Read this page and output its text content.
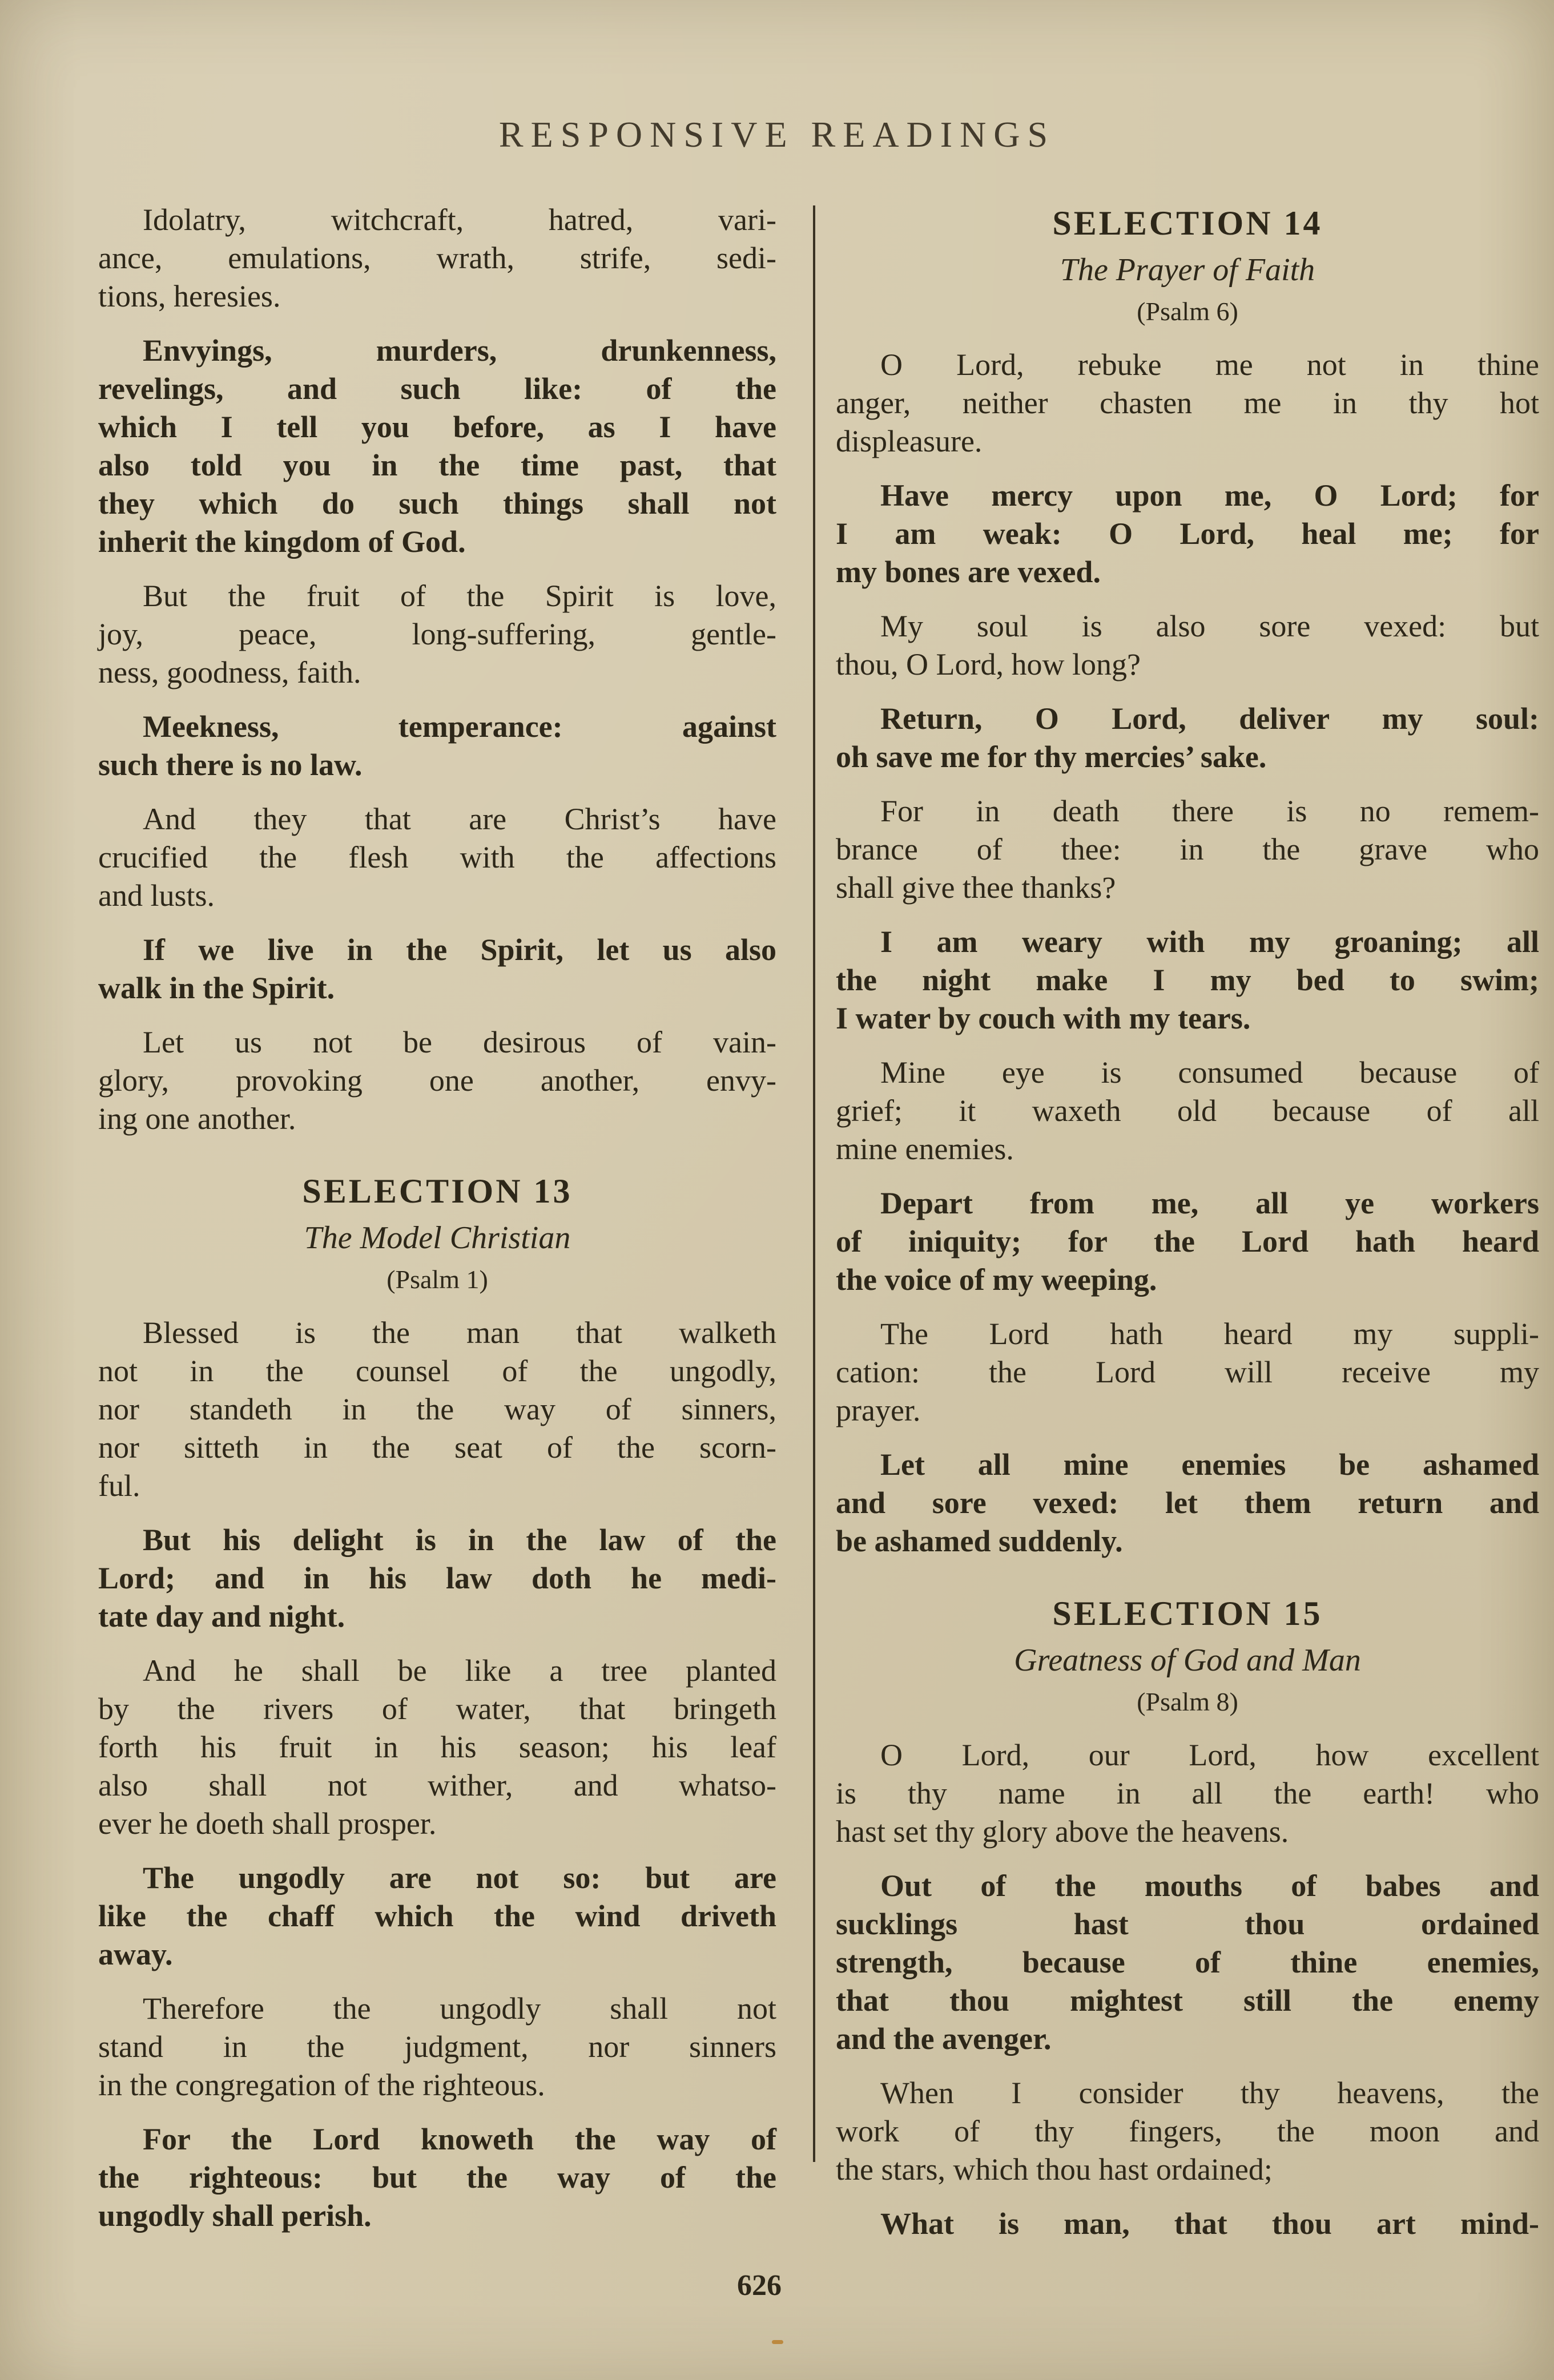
RESPONSIVE READINGS
Idolatry, witchcraft, hatred, vari-
ance, emulations, wrath, strife, sedi-
tions, heresies.
Envyings, murders, drunkenness,
revelings, and such like: of the
which I tell you before, as I have
also told you in the time past, that
they which do such things shall not
inherit the kingdom of God.
But the fruit of the Spirit is love,
joy, peace, long-suffering, gentle-
ness, goodness, faith.
Meekness, temperance: against
such there is no law.
And they that are Christ’s have
crucified the flesh with the affections
and lusts.
If we live in the Spirit, let us also
walk in the Spirit.
Let us not be desirous of vain-
glory, provoking one another, envy-
ing one another.
SELECTION 13
The Model Christian
(Psalm 1)
Blessed is the man that walketh
not in the counsel of the ungodly,
nor standeth in the way of sinners,
nor sitteth in the seat of the scorn-
ful.
But his delight is in the law of the
Lord; and in his law doth he medi-
tate day and night.
And he shall be like a tree planted
by the rivers of water, that bringeth
forth his fruit in his season; his leaf
also shall not wither, and whatso-
ever he doeth shall prosper.
The ungodly are not so: but are
like the chaff which the wind driveth
away.
Therefore the ungodly shall not
stand in the judgment, nor sinners
in the congregation of the righteous.
For the Lord knoweth the way of
the righteous: but the way of the
ungodly shall perish.
SELECTION 14
The Prayer of Faith
(Psalm 6)
O Lord, rebuke me not in thine
anger, neither chasten me in thy hot
displeasure.
Have mercy upon me, O Lord; for
I am weak: O Lord, heal me; for
my bones are vexed.
My soul is also sore vexed: but
thou, O Lord, how long?
Return, O Lord, deliver my soul:
oh save me for thy mercies’ sake.
For in death there is no remem-
brance of thee: in the grave who
shall give thee thanks?
I am weary with my groaning; all
the night make I my bed to swim;
I water by couch with my tears.
Mine eye is consumed because of
grief; it waxeth old because of all
mine enemies.
Depart from me, all ye workers
of iniquity; for the Lord hath heard
the voice of my weeping.
The Lord hath heard my suppli-
cation: the Lord will receive my
prayer.
Let all mine enemies be ashamed
and sore vexed: let them return and
be ashamed suddenly.
SELECTION 15
Greatness of God and Man
(Psalm 8)
O Lord, our Lord, how excellent
is thy name in all the earth! who
hast set thy glory above the heavens.
Out of the mouths of babes and
sucklings hast thou ordained
strength, because of thine enemies,
that thou mightest still the enemy
and the avenger.
When I consider thy heavens, the
work of thy fingers, the moon and
the stars, which thou hast ordained;
What is man, that thou art mind-
626
